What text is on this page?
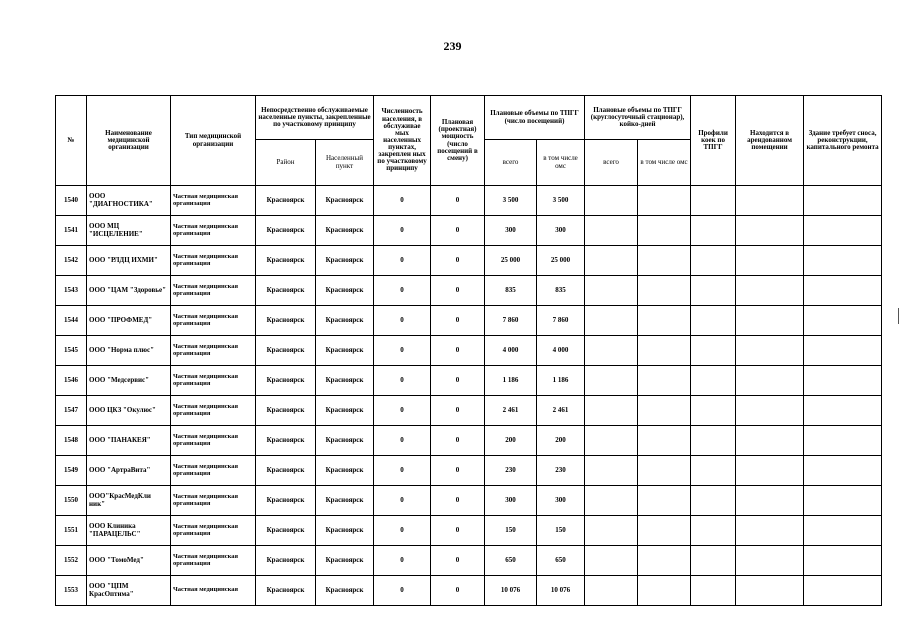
239
№	Наименование медицинской организации	Тип медицинской организации	Непосредственно обслуживаемые населенные пункты, закрепленные по участковому принципу		Численность населения, в обслуживае мых населенных пунктах, закреплен ных по участковому принципу	Плановая (проектная) мощность (число посещений в смену)	Плановые объемы по ТПГГ (число посещений)		Плановые объемы по ТПГГ (круглосуточный стационар), койко-дней		Профили коек по ТПГГ	Находится в арендованном помещении	Здание требует сноса, реконструкции, капитального ремонта
			Район	Населенный пункт			всего	в том числе омс	всего	в том числе омс			
1540	ООО "ДИАГНОСТИКА"	Частная медицинская организация	Красноярск	Красноярск	0	0	3 500	3 500					
1541	ООО МЦ "ИСЦЕЛЕНИЕ"	Частная медицинская организация	Красноярск	Красноярск	0	0	300	300					
1542	ООО "РЛДЦ ИХМИ"	Частная медицинская организация	Красноярск	Красноярск	0	0	25 000	25 000					
1543	ООО "ЦАМ "Здоровье"	Частная медицинская организация	Красноярск	Красноярск	0	0	835	835					
1544	ООО "ПРОФМЕД"	Частная медицинская организация	Красноярск	Красноярск	0	0	7 860	7 860					
1545	ООО "Норма плюс"	Частная медицинская организация	Красноярск	Красноярск	0	0	4 000	4 000					
1546	ООО "Медсервис"	Частная медицинская организация	Красноярск	Красноярск	0	0	1 186	1 186					
1547	ООО ЦКЗ "Окулюс"	Частная медицинская организация	Красноярск	Красноярск	0	0	2 461	2 461					
1548	ООО "ПАНАКЕЯ"	Частная медицинская организация	Красноярск	Красноярск	0	0	200	200					
1549	ООО "АртраВита"	Частная медицинская организация	Красноярск	Красноярск	0	0	230	230					
1550	ООО"КрасМедКли ник"	Частная медицинская организация	Красноярск	Красноярск	0	0	300	300					
1551	ООО Клиника "ПАРАЦЕЛЬС"	Частная медицинская организация	Красноярск	Красноярск	0	0	150	150					
1552	ООО "ТомоМед"	Частная медицинская организация	Красноярск	Красноярск	0	0	650	650					
1553	ООО "ЦПМ КрасОптима"	Частная медицинская	Красноярск	Красноярск	0	0	10 076	10 076					
